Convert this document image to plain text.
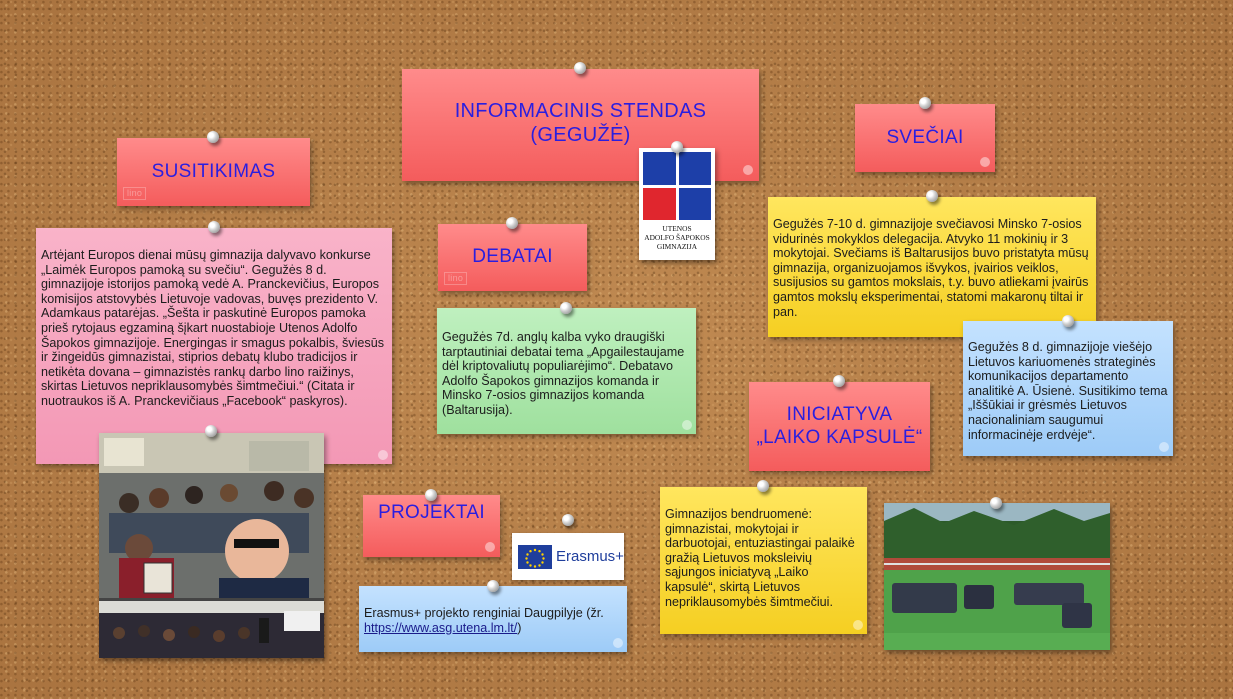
SUSITIKIMAS
lino
Artėjant Europos dienai mūsų gimnazija dalyvavo konkurse „Laimėk Europos pamoką su svečiu“. Gegužės 8 d. gimnazijoje istorijos pamoką vedė A. Pranckevičius, Europos komisijos atstovybės Lietuvoje vadovas, buvęs prezidento V. Adamkaus patarėjas. „Šešta ir paskutinė Europos pamoka prieš rytojaus egzaminą šįkart nuostabioje Utenos Adolfo Šapokos gimnazijoje. Energingas ir smagus pokalbis, šviesūs ir žingeidūs gimnazistai, stiprios debatų klubo tradicijos ir netikėta dovana – gimnazistės rankų darbo lino raižinys, skirtas Lietuvos nepriklausomybės šimtmečiui.“ (Citata ir nuotraukos iš A. Pranckevičiaus „Facebook“ paskyros).
INFORMACINIS STENDAS (GEGUŽĖ)
UTENOS
ADOLFO ŠAPOKOS
GIMNAZIJA
DEBATAI
lino
Gegužės 7d. anglų kalba vyko draugiški tarptautiniai debatai tema „Apgailestaujame dėl kriptovaliutų populiarėjimo“. Debatavo Adolfo Šapokos gimnazijos komanda ir Minsko 7-osios gimnazijos komanda (Baltarusija).
SVEČIAI
Gegužės 7-10 d. gimnazijoje svečiavosi Minsko 7-osios vidurinės mokyklos delegacija. Atvyko 11 mokinių ir 3 mokytojai. Svečiams iš Baltarusijos buvo pristatyta mūsų gimnazija, organizuojamos išvykos, įvairios veiklos, susijusios su gamtos mokslais, t.y. buvo atliekami įvairūs gamtos mokslų eksperimentai, statomi makaronų tiltai ir pan.
Gegužės 8 d. gimnazijoje viešėjo Lietuvos kariuomenės strateginės komunikacijos departamento analitikė A. Ūsienė. Susitikimo tema „Iššūkiai ir grėsmės Lietuvos nacionaliniam saugumui informacinėje erdvėje“.
INICIATYVA
„LAIKO KAPSULĖ“
Gimnazijos bendruomenė: gimnazistai, mokytojai ir darbuotojai, entuziastingai palaikė gražią Lietuvos moksleivių sąjungos iniciatyvą „Laiko kapsulė“, skirtą Lietuvos nepriklausomybės šimtmečiui.
PROJEKTAI
Erasmus+
Erasmus+ projekto renginiai Daugpilyje (žr. https://www.asg.utena.lm.lt/)
